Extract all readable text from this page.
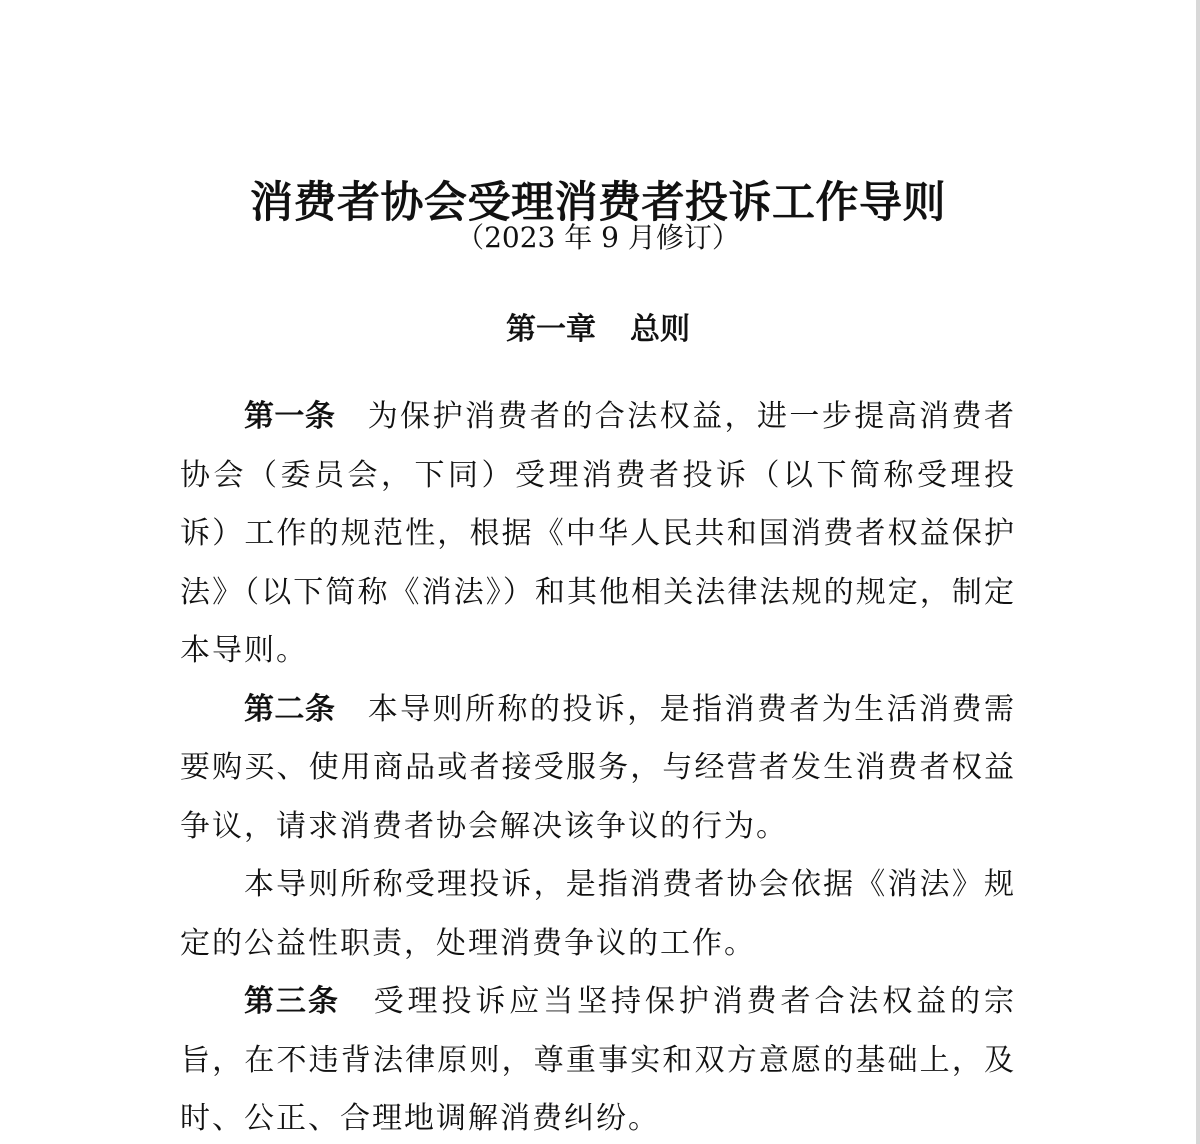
消费者协会受理消费者投诉工作导则
（2023 年 9 月修订）
第一章 总则

第一条 为保护消费者的合法权益，进一步提高消费者协会（委员会，下同）受理消费者投诉（以下简称受理投诉）工作的规范性，根据《中华人民共和国消费者权益保护法》（以下简称《消法》）和其他相关法律法规的规定，制定本导则。

第二条 本导则所称的投诉，是指消费者为生活消费需要购买、使用商品或者接受服务，与经营者发生消费者权益争议，请求消费者协会解决该争议的行为。

本导则所称受理投诉，是指消费者协会依据《消法》规定的公益性职责，处理消费争议的工作。

第三条 受理投诉应当坚持保护消费者合法权益的宗旨，在不违背法律原则，尊重事实和双方意愿的基础上，及时、公正、合理地调解消费纠纷。
